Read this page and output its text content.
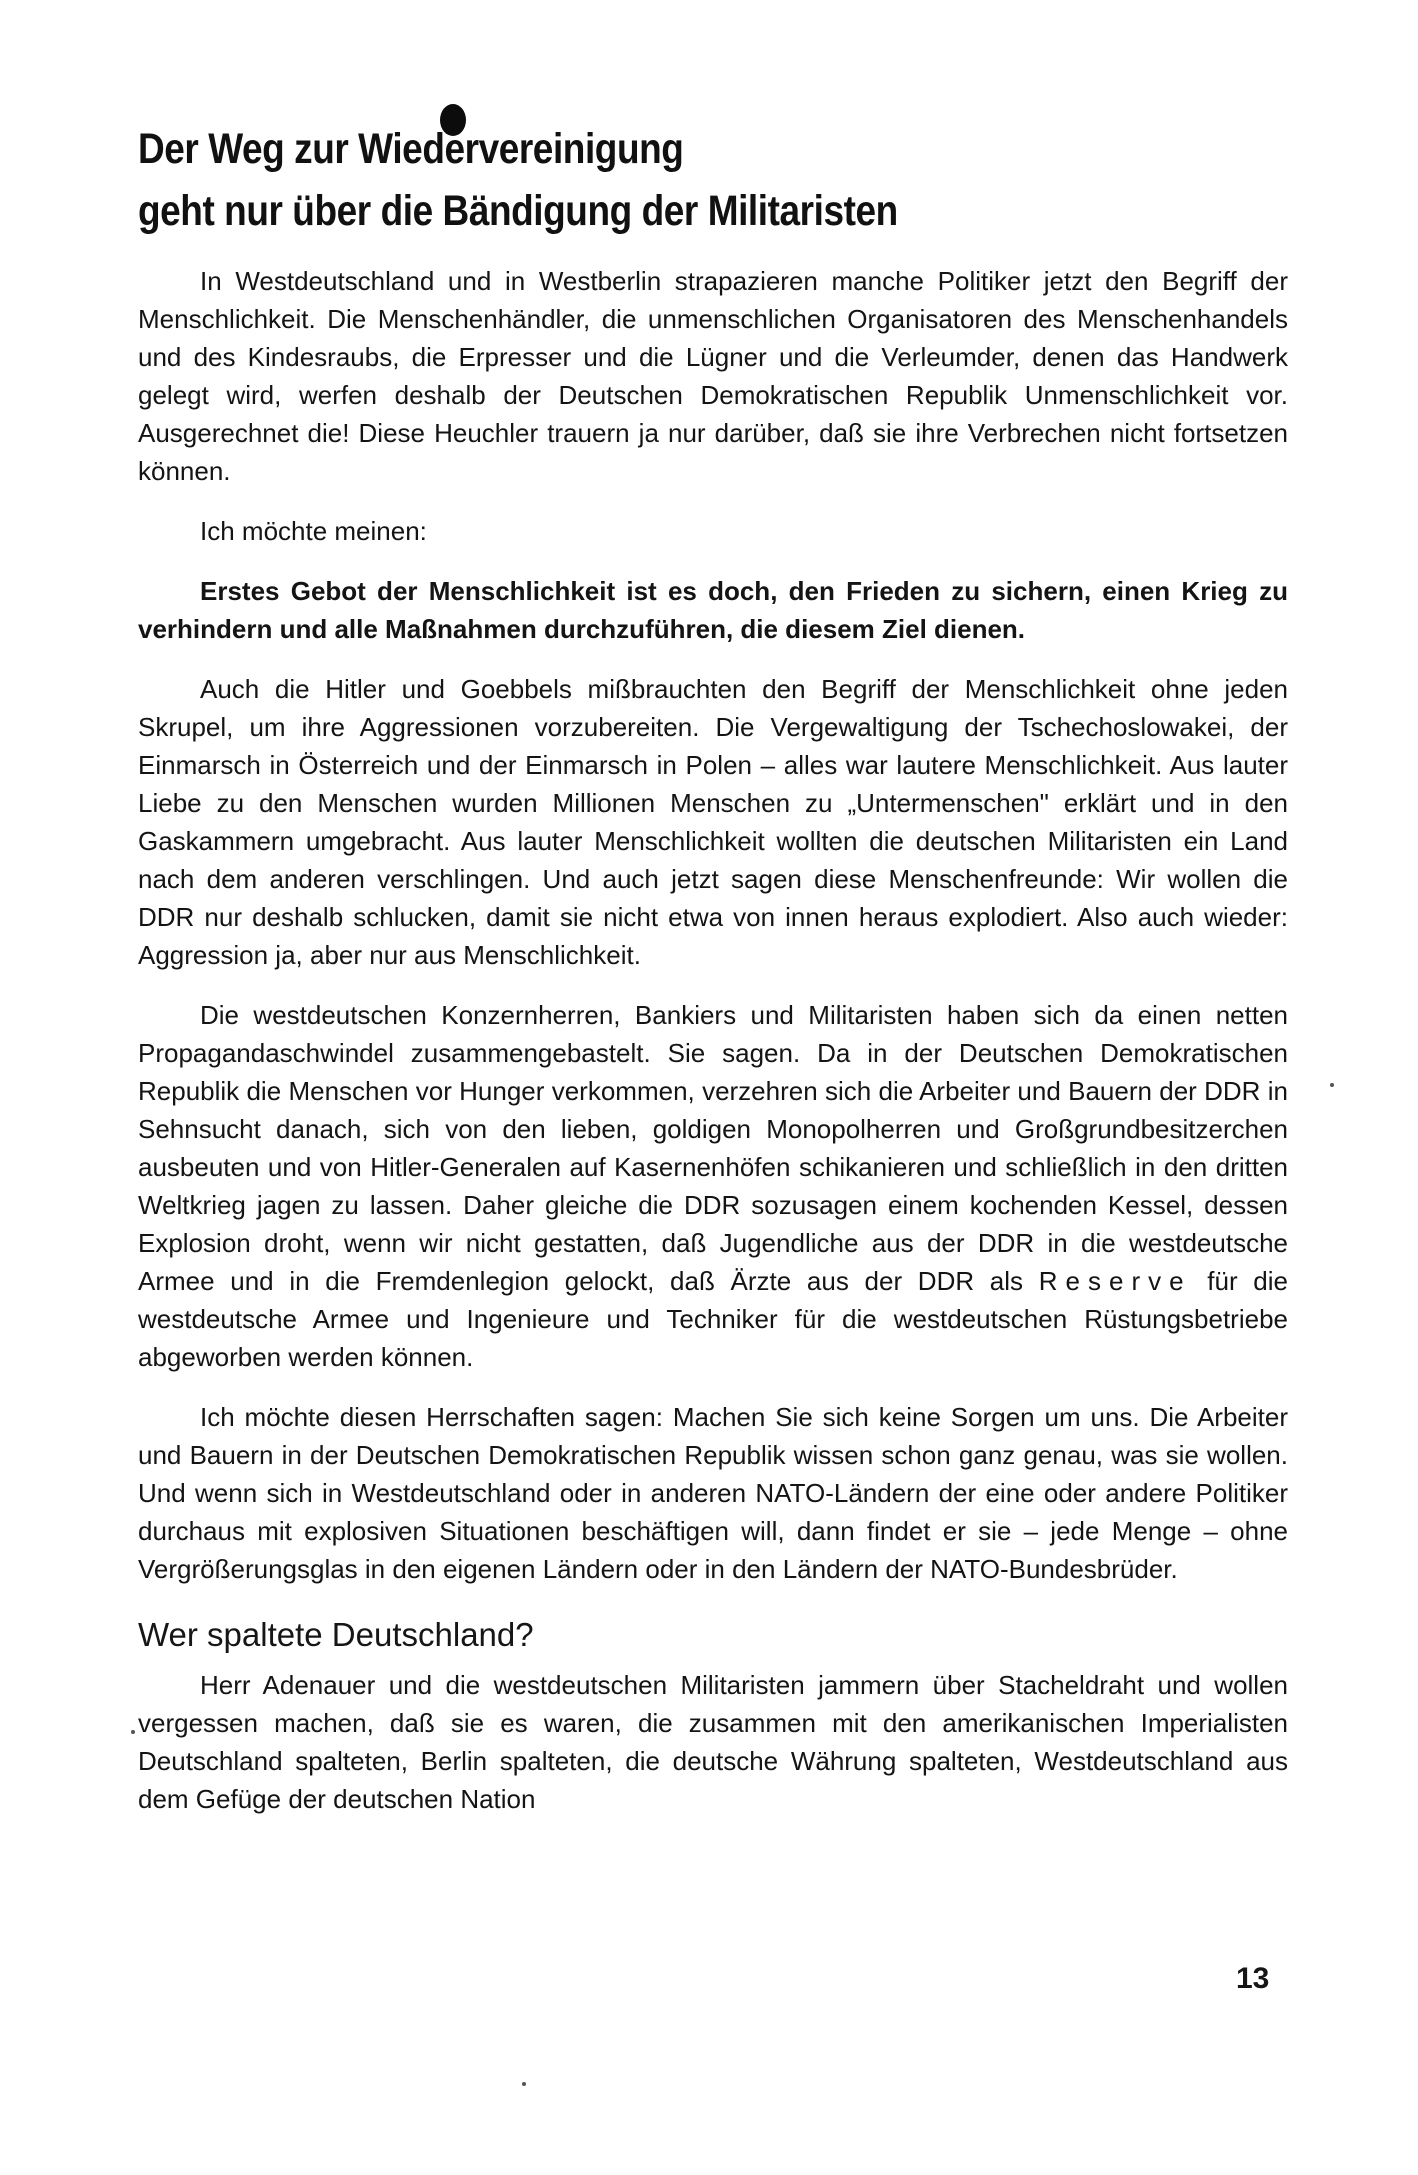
Der Weg zur Wiedervereinigung
geht nur über die Bändigung der Militaristen

In Westdeutschland und in Westberlin strapazieren manche Politiker jetzt den Begriff der Menschlichkeit. Die Menschenhändler, die unmenschlichen Organisatoren des Menschenhandels und des Kindesraubs, die Erpresser und die Lügner und die Verleumder, denen das Handwerk gelegt wird, werfen deshalb der Deutschen Demokratischen Republik Unmenschlichkeit vor. Ausgerechnet die! Diese Heuchler trauern ja nur darüber, daß sie ihre Verbrechen nicht fortsetzen können.

Ich möchte meinen:

Erstes Gebot der Menschlichkeit ist es doch, den Frieden zu sichern, einen Krieg zu verhindern und alle Maßnahmen durchzuführen, die diesem Ziel dienen.

Auch die Hitler und Goebbels mißbrauchten den Begriff der Menschlichkeit ohne jeden Skrupel, um ihre Aggressionen vorzubereiten. Die Vergewaltigung der Tschechoslowakei, der Einmarsch in Österreich und der Einmarsch in Polen – alles war lautere Menschlichkeit. Aus lauter Liebe zu den Menschen wurden Millionen Menschen zu „Untermenschen" erklärt und in den Gaskammern umgebracht. Aus lauter Menschlichkeit wollten die deutschen Militaristen ein Land nach dem anderen verschlingen. Und auch jetzt sagen diese Menschenfreunde: Wir wollen die DDR nur deshalb schlucken, damit sie nicht etwa von innen heraus explodiert. Also auch wieder: Aggression ja, aber nur aus Menschlichkeit.

Die westdeutschen Konzernherren, Bankiers und Militaristen haben sich da einen netten Propagandaschwindel zusammengebastelt. Sie sagen. Da in der Deutschen Demokratischen Republik die Menschen vor Hunger verkommen, verzehren sich die Arbeiter und Bauern der DDR in Sehnsucht danach, sich von den lieben, goldigen Monopolherren und Großgrundbesitzerchen ausbeuten und von Hitler-Generalen auf Kasernenhöfen schikanieren und schließlich in den dritten Weltkrieg jagen zu lassen. Daher gleiche die DDR sozusagen einem kochenden Kessel, dessen Explosion droht, wenn wir nicht gestatten, daß Jugendliche aus der DDR in die westdeutsche Armee und in die Fremdenlegion gelockt, daß Ärzte aus der DDR als Reserve für die westdeutsche Armee und Ingenieure und Techniker für die westdeutschen Rüstungsbetriebe abgeworben werden können.

Ich möchte diesen Herrschaften sagen: Machen Sie sich keine Sorgen um uns. Die Arbeiter und Bauern in der Deutschen Demokratischen Republik wissen schon ganz genau, was sie wollen. Und wenn sich in Westdeutschland oder in anderen NATO-Ländern der eine oder andere Politiker durchaus mit explosiven Situationen beschäftigen will, dann findet er sie – jede Menge – ohne Vergrößerungsglas in den eigenen Ländern oder in den Ländern der NATO-Bundesbrüder.

Wer spaltete Deutschland?

Herr Adenauer und die westdeutschen Militaristen jammern über Stacheldraht und wollen vergessen machen, daß sie es waren, die zusammen mit den amerikanischen Imperialisten Deutschland spalteten, Berlin spalteten, die deutsche Währung spalteten, Westdeutschland aus dem Gefüge der deutschen Nation

13
